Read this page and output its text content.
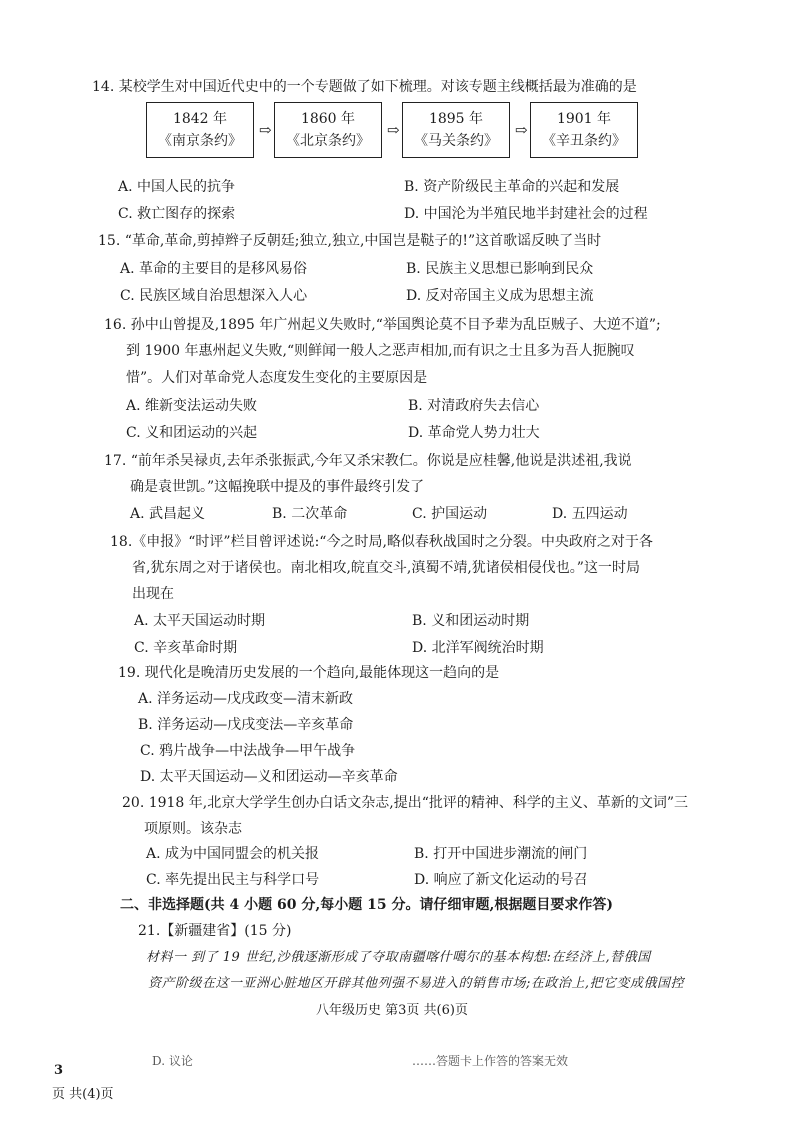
14. 某校学生对中国近代史中的一个专题做了如下梳理。对该专题主线概括最为准确的是
1842 年
《南京条约》
⇨
1860 年
《北京条约》
⇨
1895 年
《马关条约》
⇨
1901 年
《辛丑条约》
A. 中国人民的抗争	B. 资产阶级民主革命的兴起和发展
C. 救亡图存的探索	D. 中国沦为半殖民地半封建社会的过程
15. “革命,革命,剪掉辫子反朝廷;独立,独立,中国岂是鞑子的!”这首歌谣反映了当时
A. 革命的主要目的是移风易俗	B. 民族主义思想已影响到民众
C. 民族区域自治思想深入人心	D. 反对帝国主义成为思想主流
16. 孙中山曾提及,1895 年广州起义失败时,“举国舆论莫不目予辈为乱臣贼子、大逆不道”;
到 1900 年惠州起义失败,“则鲜闻一般人之恶声相加,而有识之士且多为吾人扼腕叹
惜”。人们对革命党人态度发生变化的主要原因是
A. 维新变法运动失败	B. 对清政府失去信心
C. 义和团运动的兴起	D. 革命党人势力壮大
17. “前年杀吴禄贞,去年杀张振武,今年又杀宋教仁。你说是应桂馨,他说是洪述祖,我说
确是袁世凯。”这幅挽联中提及的事件最终引发了
A. 武昌起义	B. 二次革命	C. 护国运动	D. 五四运动
18.《申报》“时评”栏目曾评述说:“今之时局,略似春秋战国时之分裂。中央政府之对于各
省,犹东周之对于诸侯也。南北相攻,皖直交斗,滇蜀不靖,犹诸侯相侵伐也。”这一时局
出现在
A. 太平天国运动时期	B. 义和团运动时期
C. 辛亥革命时期	D. 北洋军阀统治时期
19. 现代化是晚清历史发展的一个趋向,最能体现这一趋向的是
A. 洋务运动—戊戌政变—清末新政
B. 洋务运动—戊戌变法—辛亥革命
C. 鸦片战争—中法战争—甲午战争
D. 太平天国运动—义和团运动—辛亥革命
20. 1918 年,北京大学学生创办白话文杂志,提出“批评的精神、科学的主义、革新的文词”三
项原则。该杂志
A. 成为中国同盟会的机关报	B. 打开中国进步潮流的闸门
C. 率先提出民主与科学口号	D. 响应了新文化运动的号召
二、非选择题(共 4 小题 60 分,每小题 15 分。请仔细审题,根据题目要求作答)
21.【新疆建省】(15 分)
材料一 到了 19 世纪,沙俄逐渐形成了夺取南疆喀什噶尔的基本构想:在经济上,替俄国
资产阶级在这一亚洲心脏地区开辟其他列强不易进入的销售市场;在政治上,把它变成俄国控
八年级历史 第3页 共(6)页
D. 议论	……答题卡上作答的答案无效
3
页 共(4)页
